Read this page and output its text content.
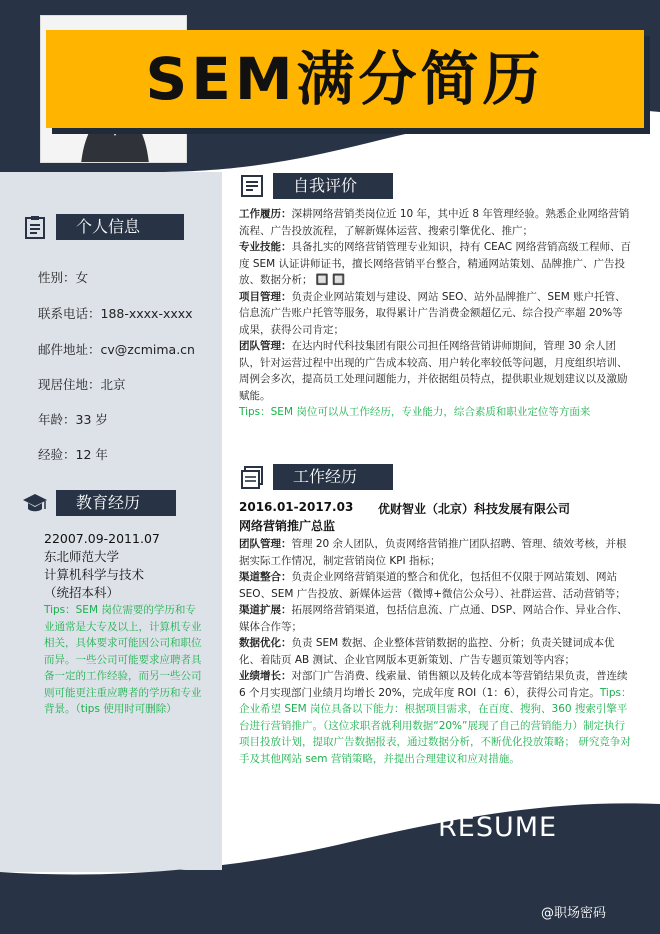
SEM满分简历
个人信息
性别：女
联系电话：188-xxxx-xxxx
邮件地址：cv@zcmima.cn
现居住地：北京
年龄：33 岁
经验：12 年
教育经历
22007.09-2011.07
东北师范大学
计算机科学与技术
（统招本科）
Tips：SEM 岗位需要的学历和专业通常是大专及以上，计算机专业相关，具体要求可能因公司和职位而异。一些公司可能要求应聘者具备一定的工作经验，而另一些公司则可能更注重应聘者的学历和专业背景。（tips 使用时可删除）
自我评价
工作履历：深耕网络营销类岗位近 10 年，其中近 8 年管理经验。熟悉企业网络营销流程、广告投放流程，了解新媒体运营、搜索引擎优化、推广；
专业技能：具备扎实的网络营销管理专业知识，持有 CEAC 网络营销高级工程师、百度 SEM 认证讲师证书，擅长网络营销平台整合，精通网站策划、品牌推广、广告投放、数据分析； 🔲 🔲
项目管理：负责企业网站策划与建设、网站 SEO、站外品牌推广、SEM 账户托管、信息流广告账户托管等服务，取得累计广告消费金额超亿元、综合投产率超 20%等成果，获得公司肯定；
团队管理：在达内时代科技集团有限公司担任网络营销讲师期间，管理 30 余人团队，针对运营过程中出现的广告成本较高、用户转化率较低等问题，月度组织培训、周例会多次，提高员工处理问题能力，并依据组员特点，提供职业规划建议以及激励赋能。
Tips：SEM 岗位可以从工作经历，专业能力，综合素质和职业定位等方面来
工作经历
2016.01-2017.03 优财智业（北京）科技发展有限公司
网络营销推广总监
团队管理：管理 20 余人团队，负责网络营销推广团队招聘、管理、绩效考核，并根据实际工作情况，制定营销岗位 KPI 指标；
渠道整合：负责企业网络营销渠道的整合和优化，包括但不仅限于网站策划、网站 SEO、SEM 广告投放、新媒体运营（微博+微信公众号）、社群运营、活动营销等；
渠道扩展：拓展网络营销渠道，包括信息流、广点通、DSP、网站合作、异业合作、媒体合作等；
数据优化：负责 SEM 数据、企业整体营销数据的监控、分析；负责关键词成本优化、着陆页 AB 测试、企业官网版本更新策划、广告专题页策划等内容；
业绩增长：对部门广告消费、线索量、销售额以及转化成本等营销结果负责，普连续 6 个月实现部门业绩月均增长 20%，完成年度 ROI（1：6），获得公司肯定。Tips：企业希望 SEM 岗位具备以下能力：根据项目需求，在百度、搜狗、360 搜索引擎平台进行营销推广。（这位求职者就利用数据“20%”展现了自己的营销能力）制定执行项目投放计划，提取广告数据报表，通过数据分析，不断优化投放策略； 研究竞争对手及其他网站 sem 营销策略，并提出合理建议和应对措施。
RESUME
@职场密码
